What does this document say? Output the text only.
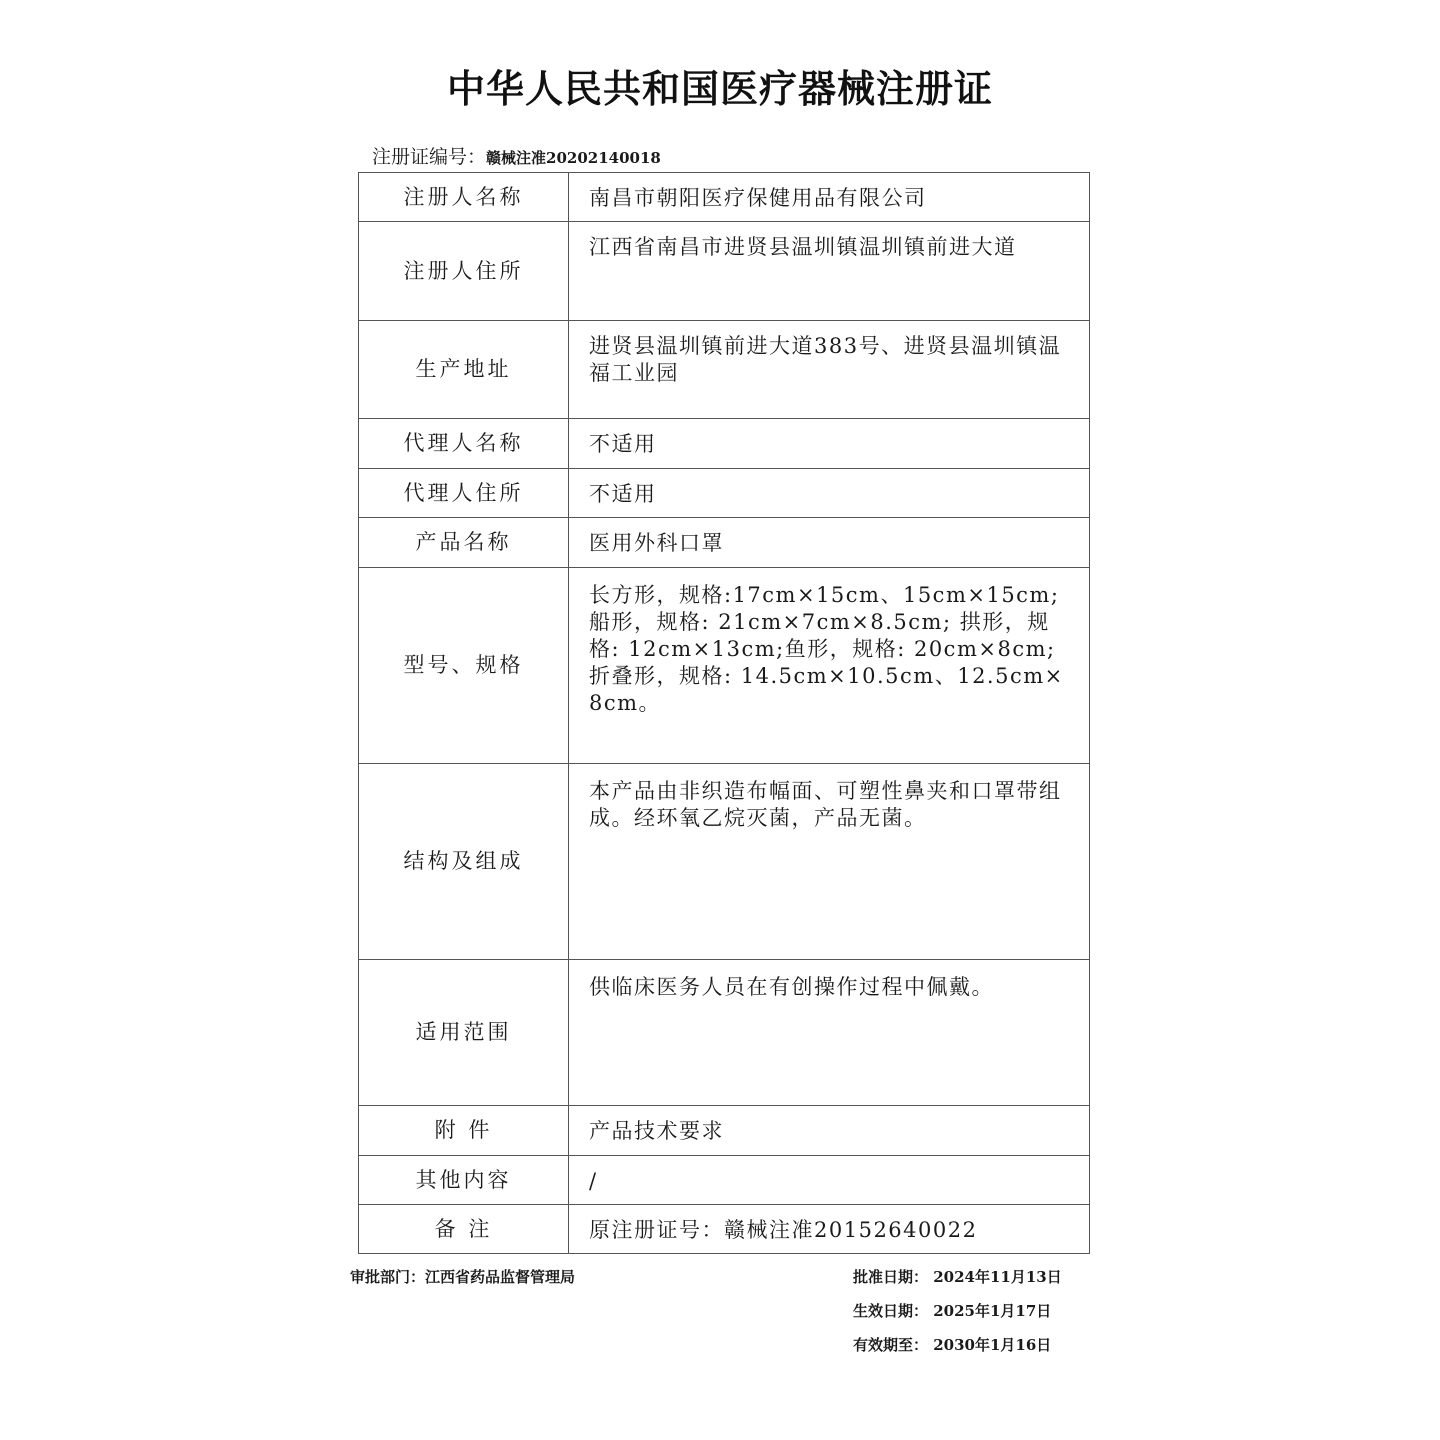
中华人民共和国医疗器械注册证
注册证编号：赣械注准20202140018
注册人名称	南昌市朝阳医疗保健用品有限公司
注册人住所	江西省南昌市进贤县温圳镇温圳镇前进大道
生产地址	进贤县温圳镇前进大道383号、进贤县温圳镇温福工业园
代理人名称	不适用
代理人住所	不适用
产品名称	医用外科口罩
型号、规格	长方形，规格:17cm×15cm、15cm×15cm; 船形，规格: 21cm×7cm×8.5cm; 拱形，规格: 12cm×13cm;鱼形，规格: 20cm×8cm; 折叠形，规格: 14.5cm×10.5cm、12.5cm×8cm。
结构及组成	本产品由非织造布幅面、可塑性鼻夹和口罩带组成。经环氧乙烷灭菌，产品无菌。
适用范围	供临床医务人员在有创操作过程中佩戴。
附 件	产品技术要求
其他内容	/
备 注	原注册证号：赣械注准20152640022
审批部门：江西省药品监督管理局	批准日期： 2024年11月13日
生效日期： 2025年1月17日
有效期至： 2030年1月16日
